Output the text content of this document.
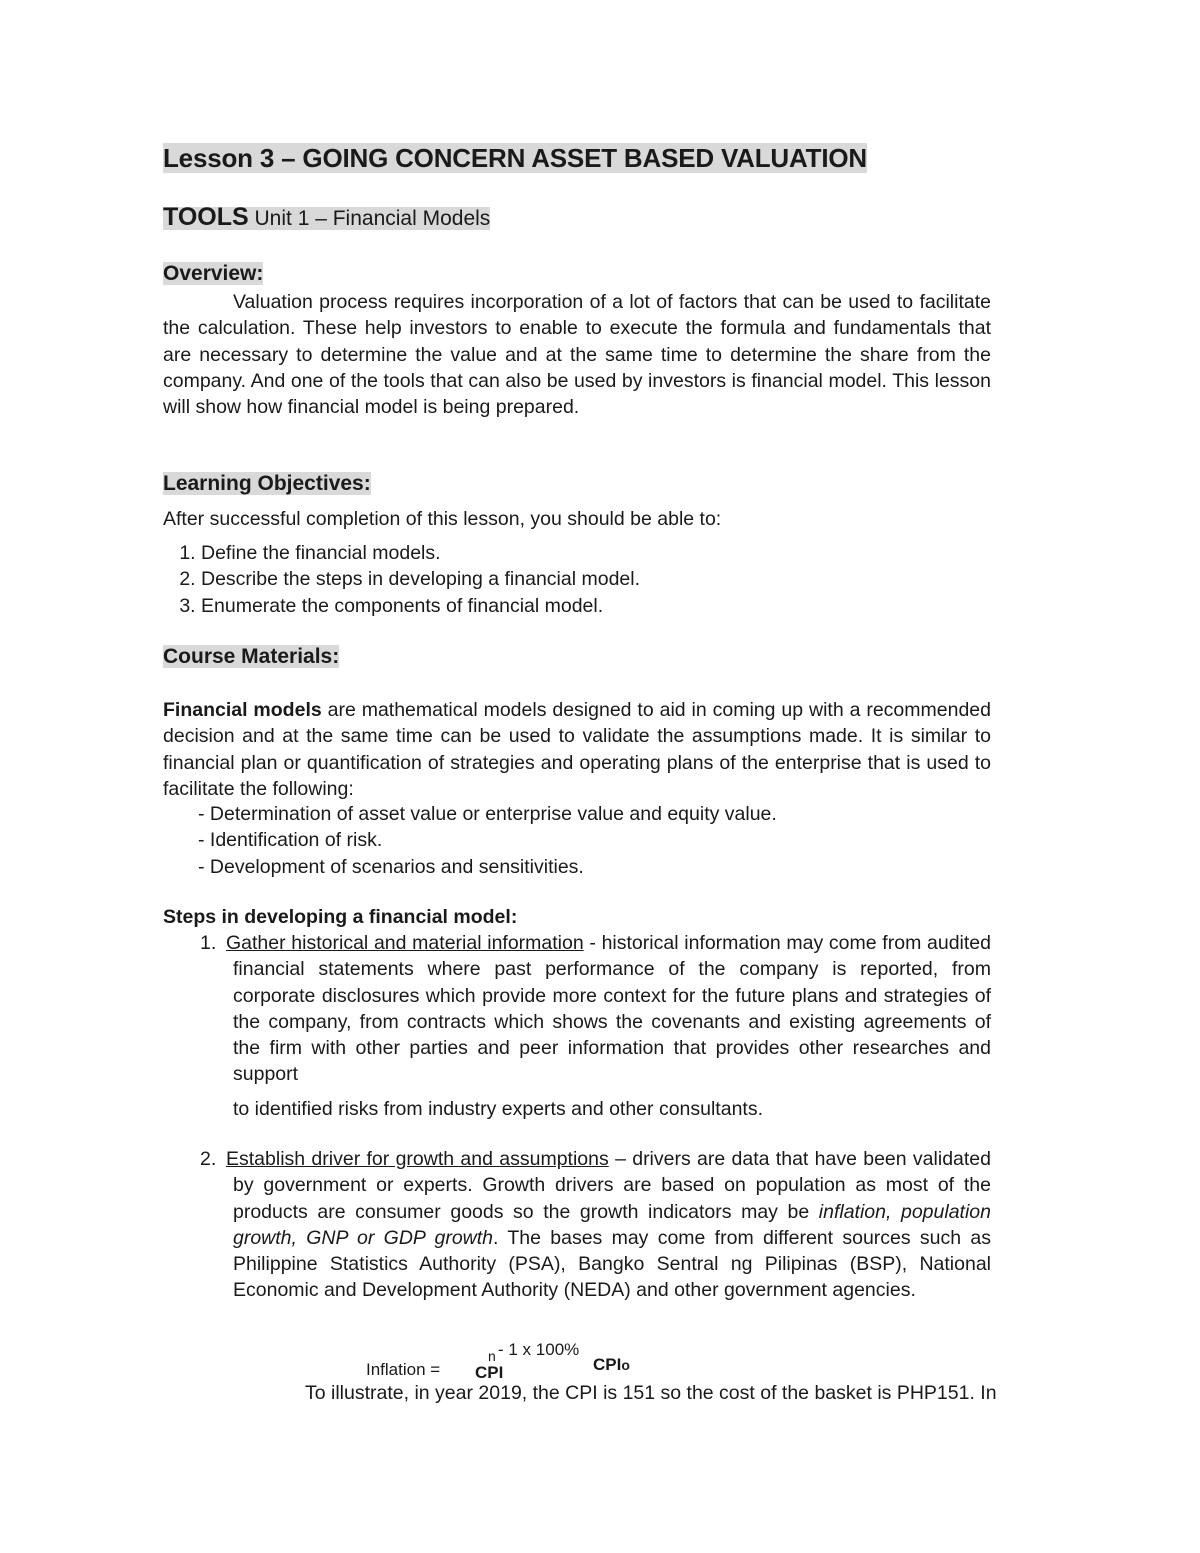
Lesson 3 – GOING CONCERN ASSET BASED VALUATION
TOOLS Unit 1 – Financial Models
Overview:

Valuation process requires incorporation of a lot of factors that can be used to facilitate the calculation. These help investors to enable to execute the formula and fundamentals that are necessary to determine the value and at the same time to determine the share from the company. And one of the tools that can also be used by investors is financial model. This lesson will show how financial model is being prepared.

Learning Objectives:

After successful completion of this lesson, you should be able to:

1. Define the financial models.
2. Describe the steps in developing a financial model.
3. Enumerate the components of financial model.
Course Materials:

Financial models are mathematical models designed to aid in coming up with a recommended decision and at the same time can be used to validate the assumptions made. It is similar to financial plan or quantification of strategies and operating plans of the enterprise that is used to facilitate the following:

- Determination of asset value or enterprise value and equity value.
- Identification of risk.
- Development of scenarios and sensitivities.
Steps in developing a financial model:
1. Gather historical and material information - historical information may come from audited financial statements where past performance of the company is reported, from corporate disclosures which provide more context for the future plans and strategies of the company, from contracts which shows the covenants and existing agreements of the firm with other parties and peer information that provides other researches and support

to identified risks from industry experts and other consultants.

2. Establish driver for growth and assumptions – drivers are data that have been validated by government or experts. Growth drivers are based on population as most of the products are consumer goods so the growth indicators may be inflation, population growth, GNP or GDP growth. The bases may come from different sources such as Philippine Statistics Authority (PSA), Bangko Sentral ng Pilipinas (BSP), National Economic and Development Authority (NEDA) and other government agencies.

Inflation = CPI
n - 1 x 100%
CPIo

To illustrate, in year 2019, the CPI is 151 so the cost of the basket is PHP151. In
